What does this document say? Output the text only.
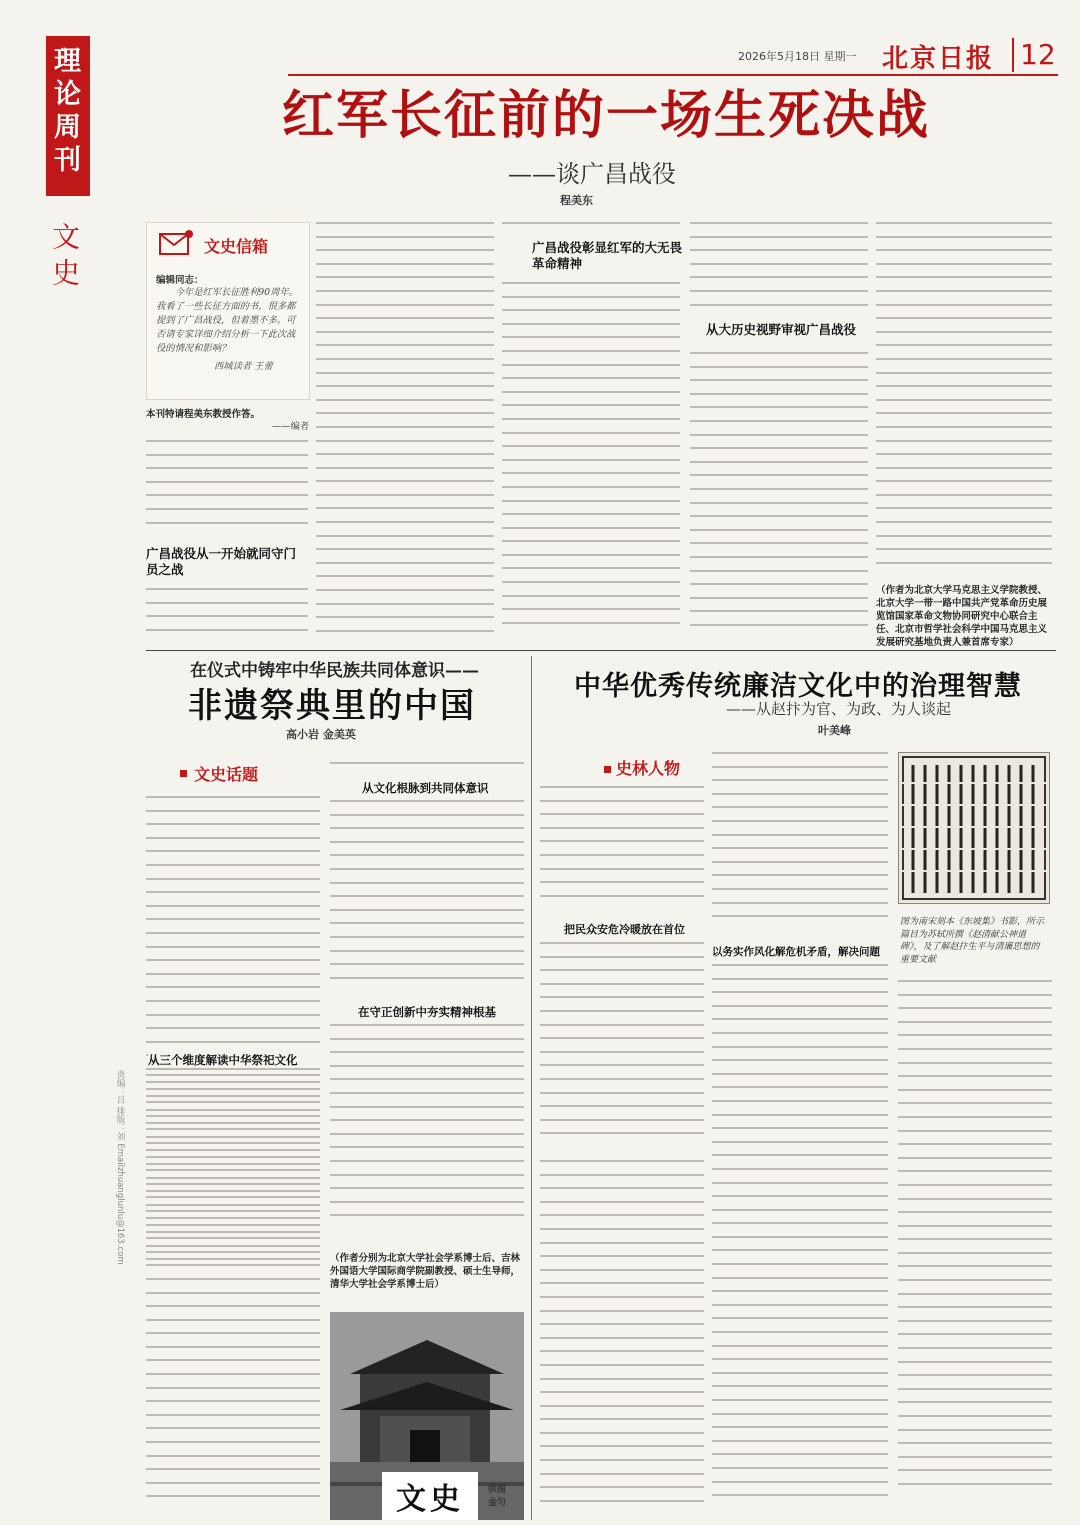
2026年5月18日 星期一 北京日报 12
理论周刊
文史
红军长征前的一场生死决战
——谈广昌战役
程美东
文史信箱
编辑同志：
今年是红军长征胜利90周年。我看了一些长征方面的书，很多都提到了广昌战役，但着墨不多。可否请专家详细介绍分析一下此次战役的情况和影响？
西城读者 王蕾
本刊特请程美东教授作答。
——编者
广昌战役从一开始就同守门员之战
广昌战役彰显红军的大无畏革命精神
从大历史视野审视广昌战役
（作者为北京大学马克思主义学院教授、北京大学一带一路中国共产党革命历史展览馆国家革命文物协同研究中心联合主任、北京市哲学社会科学中国马克思主义发展研究基地负责人兼首席专家）
在仪式中铸牢中华民族共同体意识——
非遗祭典里的中国
高小岩 金美英
文史话题
从三个维度解读中华祭祀文化
从文化根脉到共同体意识
在守正创新中夯实精神根基
（作者分别为北京大学社会学系博士后、吉林外国语大学国际商学院副教授、硕士生导师，清华大学社会学系博士后）
文史	供图 金匀
中华优秀传统廉洁文化中的治理智慧
——从赵抃为官、为政、为人谈起
叶美峰
史林人物
把民众安危冷暖放在首位
以务实作风化解危机矛盾，解决问题
图为南宋刻本《东坡集》书影，所示篇目为苏轼所撰《赵清献公神道碑》，及了解赵抃生平与清廉思想的重要文献
责编：吕 排版：刘 Emailzhuanglunlu@163.com
